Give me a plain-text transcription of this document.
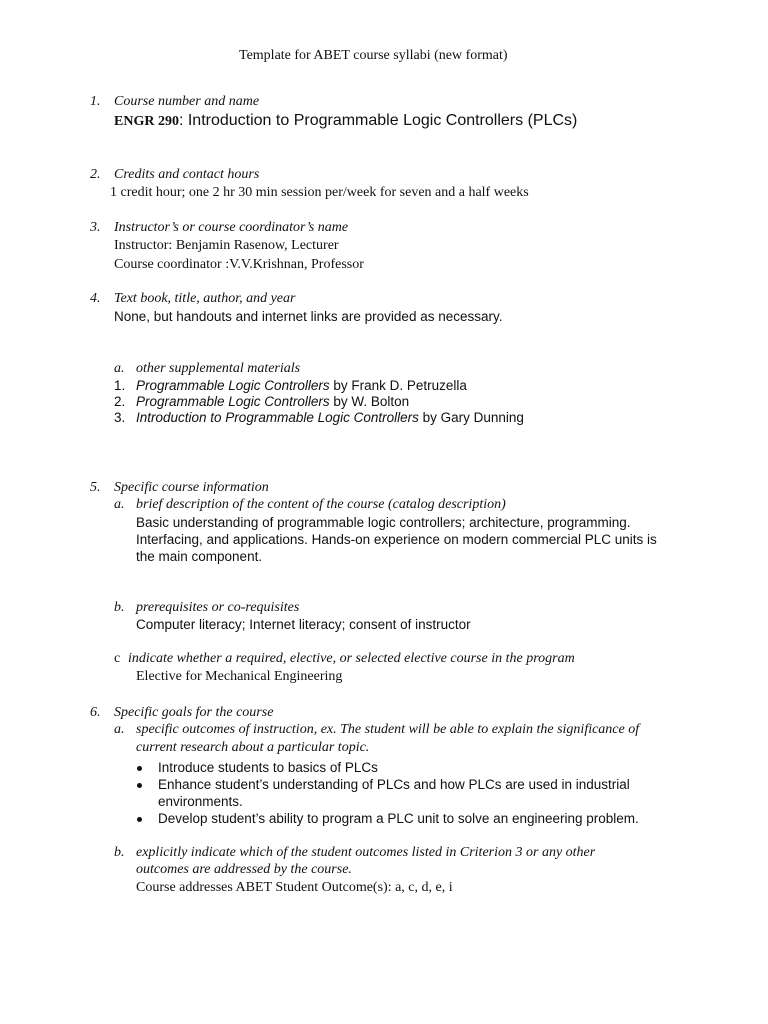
Template for ABET course syllabi (new format)
1. Course number and name
ENGR 290: Introduction to Programmable Logic Controllers (PLCs)
2. Credits and contact hours
1 credit hour; one 2 hr 30 min session per/week for seven and a half weeks
3. Instructor’s or course coordinator’s name
Instructor: Benjamin Rasenow, Lecturer
Course coordinator :V.V.Krishnan, Professor
4. Text book, title, author, and year
None, but handouts and internet links are provided as necessary.
a. other supplemental materials
1. Programmable Logic Controllers by Frank D. Petruzella
2. Programmable Logic Controllers by W. Bolton
3. Introduction to Programmable Logic Controllers by Gary Dunning
5. Specific course information
a. brief description of the content of the course (catalog description)
Basic understanding of programmable logic controllers; architecture, programming.
Interfacing, and applications. Hands-on experience on modern commercial PLC units is
the main component.
b. prerequisites or co-requisites
Computer literacy; Internet literacy; consent of instructor
c indicate whether a required, elective, or selected elective course in the program
Elective for Mechanical Engineering
6. Specific goals for the course
a. specific outcomes of instruction, ex. The student will be able to explain the significance of
current research about a particular topic.
Introduce students to basics of PLCs
Enhance student’s understanding of PLCs and how PLCs are used in industrial
environments.
Develop student’s ability to program a PLC unit to solve an engineering problem.
b. explicitly indicate which of the student outcomes listed in Criterion 3 or any other
outcomes are addressed by the course.
Course addresses ABET Student Outcome(s): a, c, d, e, i
